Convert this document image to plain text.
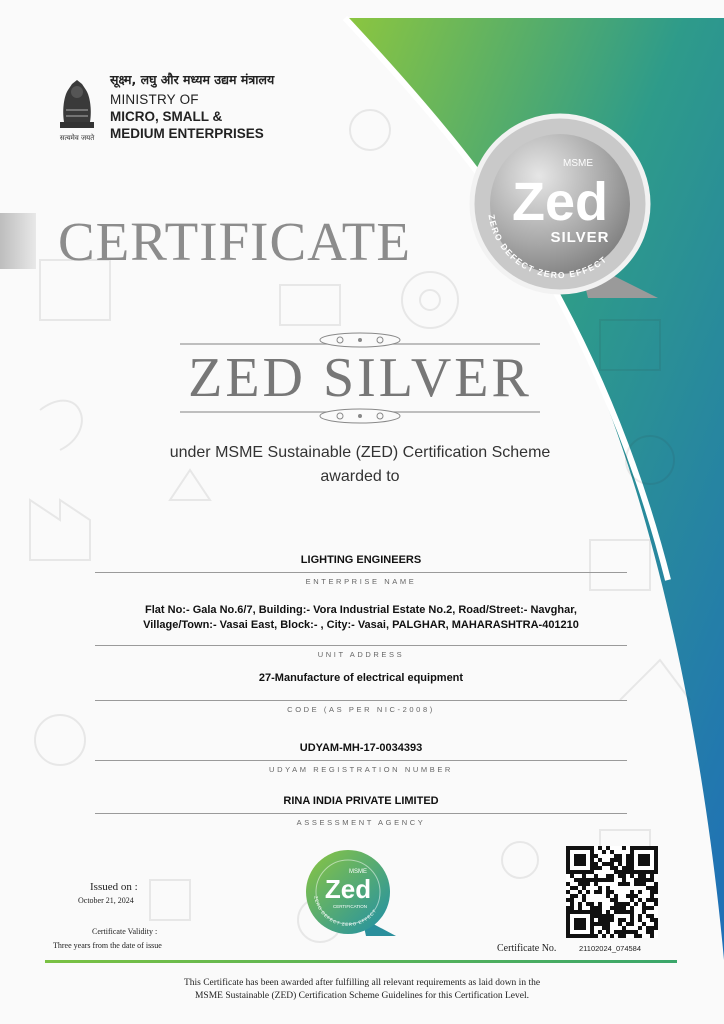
सत्यमेव जयते
सूक्ष्म, लघु और मध्यम उद्यम मंत्रालय
MINISTRY OF
MICRO, SMALL &
MEDIUM ENTERPRISES
CERTIFICATE
MSME
Zed
SILVER
ZERO DEFECT ZERO EFFECT
ZED SILVER
under MSME Sustainable (ZED) Certification Scheme
awarded to
LIGHTING ENGINEERS
ENTERPRISE NAME
Flat No:- Gala No.6/7, Building:- Vora Industrial Estate No.2, Road/Street:- Navghar,
Village/Town:- Vasai East, Block:- , City:- Vasai, PALGHAR, MAHARASHTRA-401210
UNIT ADDRESS
27-Manufacture of electrical equipment
CODE (AS PER NIC-2008)
UDYAM-MH-17-0034393
UDYAM REGISTRATION NUMBER
RINA INDIA PRIVATE LIMITED
ASSESSMENT AGENCY
Issued on :
October 21, 2024
Certificate Validity :
Three years from the date of issue
MSME
Zed
CERTIFICATION
ZERO DEFECT ZERO EFFECT
Certificate No.	21102024_074584
This Certificate has been awarded after fulfilling all relevant requirements as laid down in the
MSME Sustainable (ZED) Certification Scheme Guidelines for this Certification Level.
